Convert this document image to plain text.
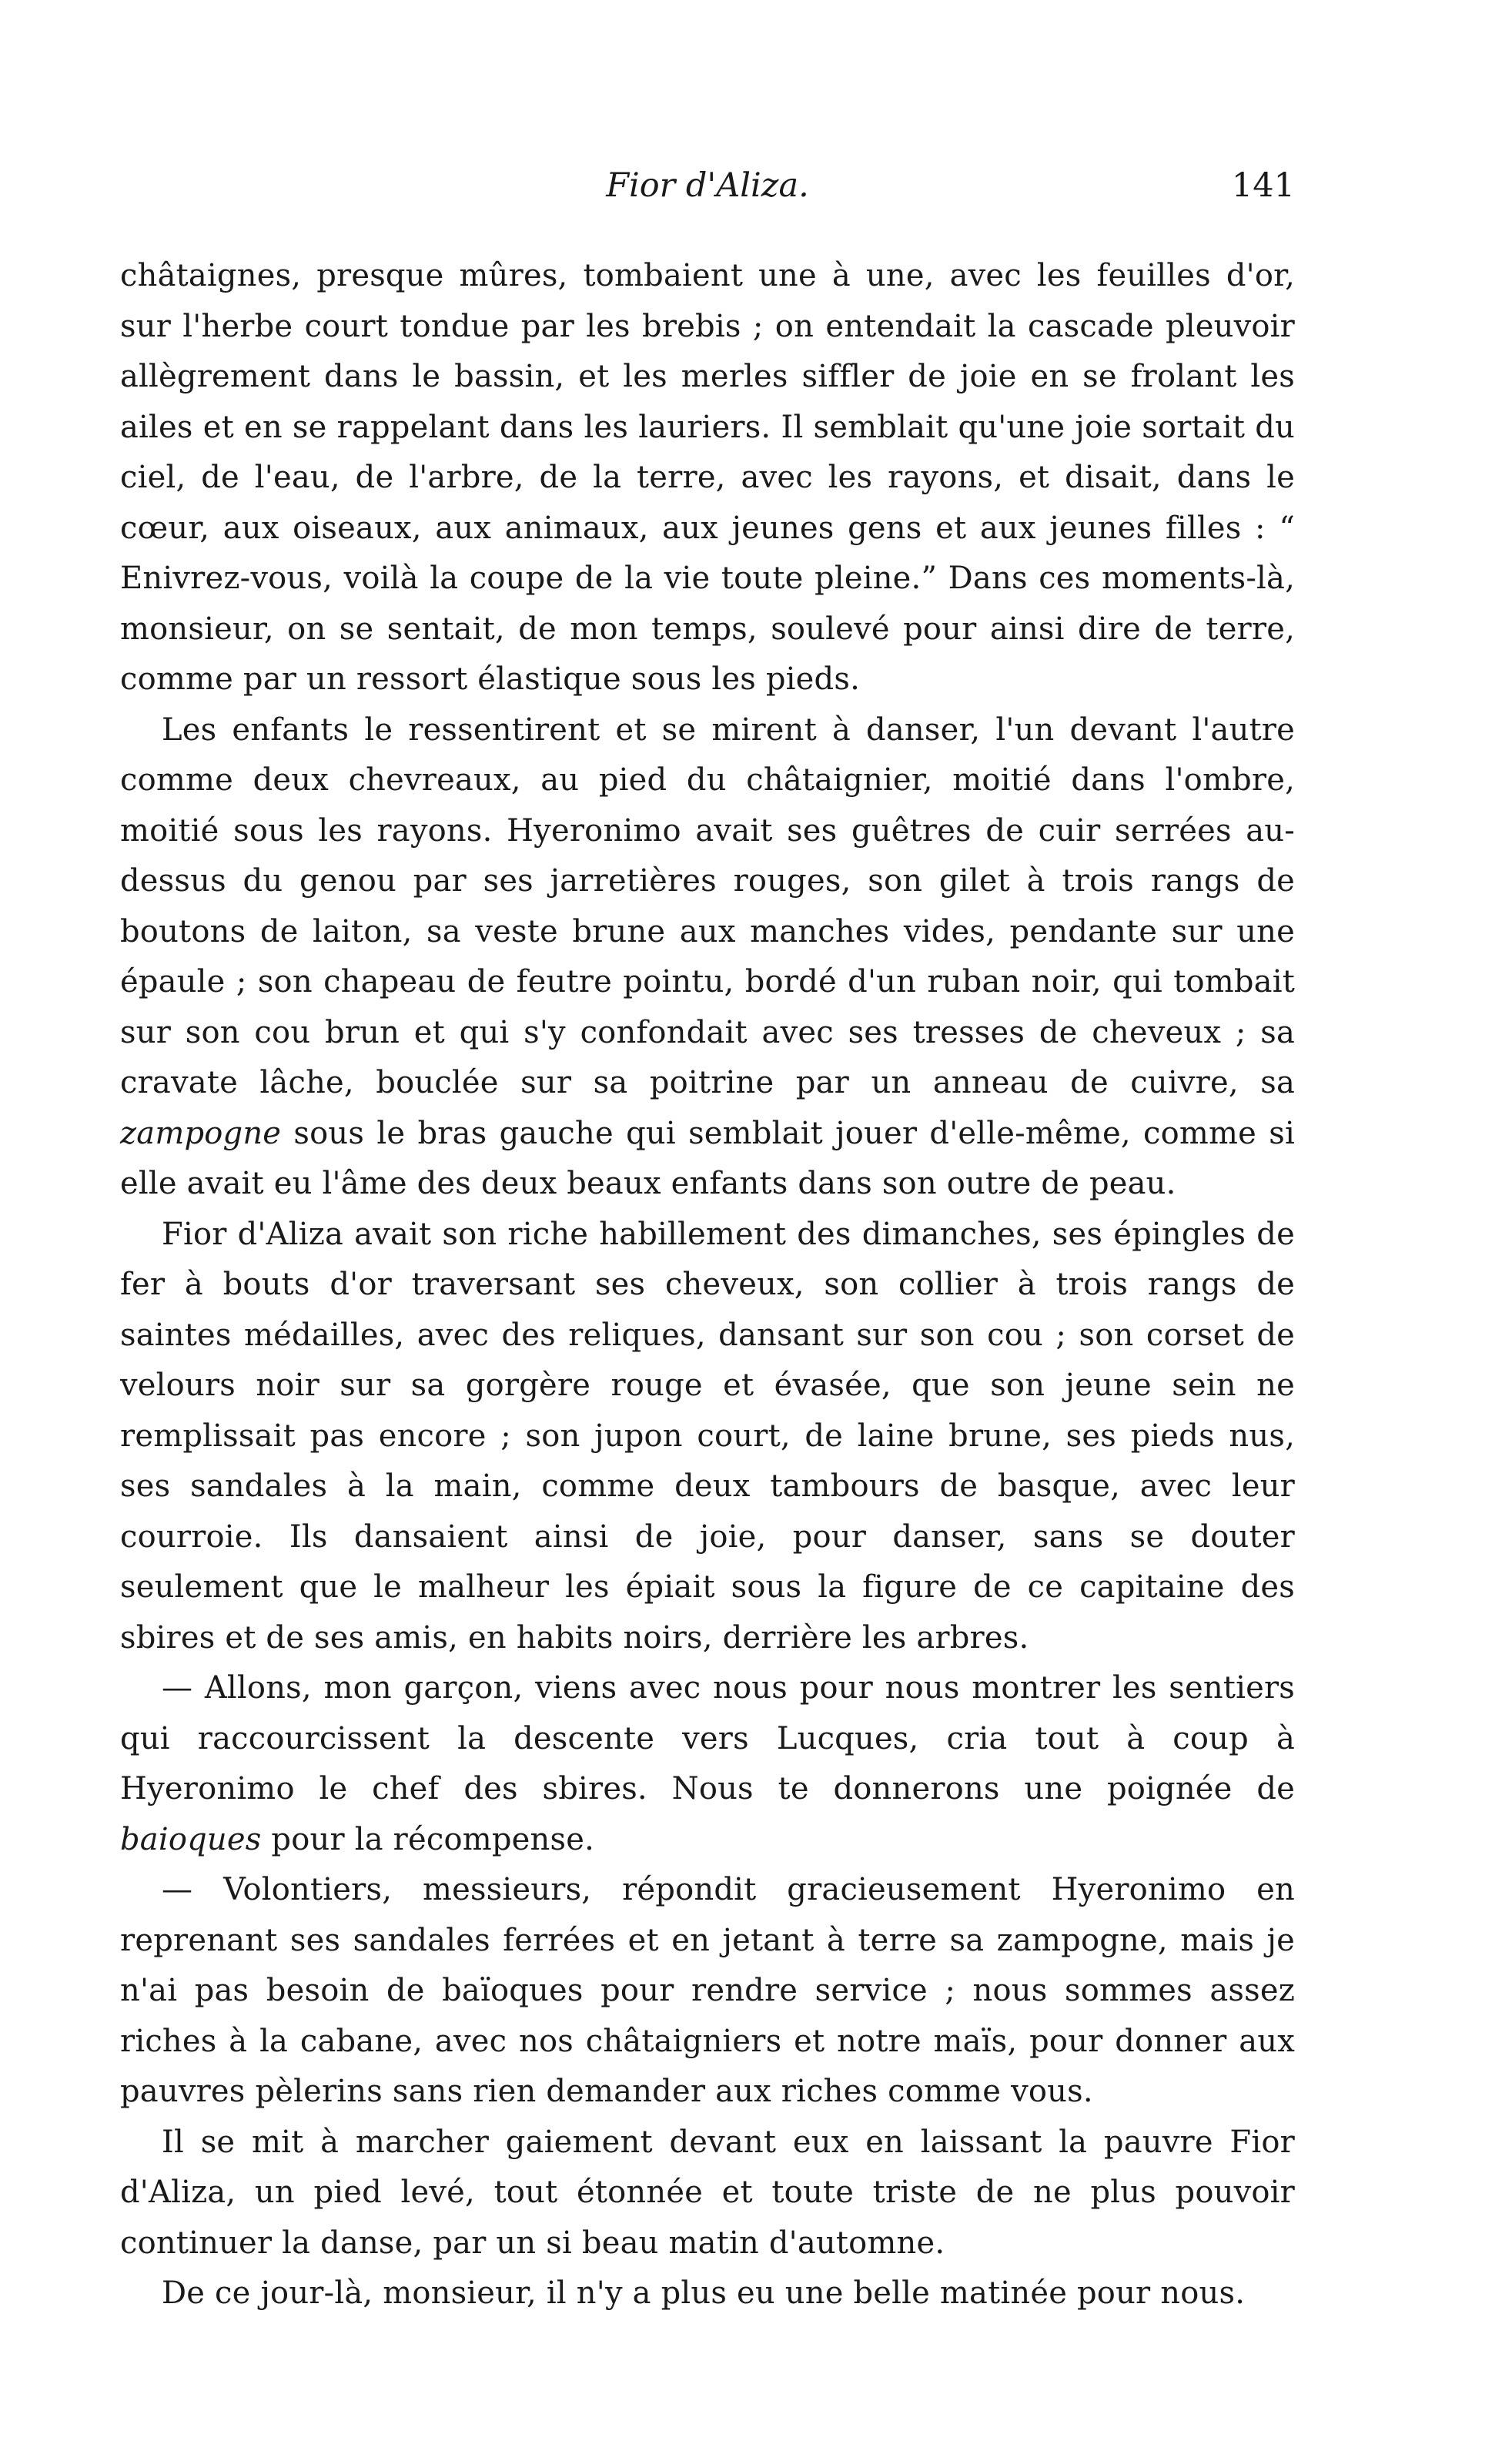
Fior d'Aliza.	141

châtaignes, presque mûres, tombaient une à une, avec les feuilles d'or, sur l'herbe court tondue par les brebis ; on entendait la cascade pleuvoir allègrement dans le bassin, et les merles siffler de joie en se frolant les ailes et en se rappelant dans les lauriers. Il semblait qu'une joie sortait du ciel, de l'eau, de l'arbre, de la terre, avec les rayons, et disait, dans le cœur, aux oiseaux, aux animaux, aux jeunes gens et aux jeunes filles : “ Enivrez-vous, voilà la coupe de la vie toute pleine.” Dans ces moments-là, monsieur, on se sentait, de mon temps, soulevé pour ainsi dire de terre, comme par un ressort élastique sous les pieds.

Les enfants le ressentirent et se mirent à danser, l'un devant l'autre comme deux chevreaux, au pied du châtaignier, moitié dans l'ombre, moitié sous les rayons. Hyeronimo avait ses guêtres de cuir serrées au-dessus du genou par ses jarretières rouges, son gilet à trois rangs de boutons de laiton, sa veste brune aux manches vides, pendante sur une épaule ; son chapeau de feutre pointu, bordé d'un ruban noir, qui tombait sur son cou brun et qui s'y confondait avec ses tresses de cheveux ; sa cravate lâche, bouclée sur sa poitrine par un anneau de cuivre, sa zampogne sous le bras gauche qui semblait jouer d'elle-même, comme si elle avait eu l'âme des deux beaux enfants dans son outre de peau.

Fior d'Aliza avait son riche habillement des dimanches, ses épingles de fer à bouts d'or traversant ses cheveux, son collier à trois rangs de saintes médailles, avec des reliques, dansant sur son cou ; son corset de velours noir sur sa gorgère rouge et évasée, que son jeune sein ne remplissait pas encore ; son jupon court, de laine brune, ses pieds nus, ses sandales à la main, comme deux tambours de basque, avec leur courroie. Ils dansaient ainsi de joie, pour danser, sans se douter seulement que le malheur les épiait sous la figure de ce capitaine des sbires et de ses amis, en habits noirs, derrière les arbres.

— Allons, mon garçon, viens avec nous pour nous montrer les sentiers qui raccourcissent la descente vers Lucques, cria tout à coup à Hyeronimo le chef des sbires. Nous te donnerons une poignée de baioques pour la récompense.

— Volontiers, messieurs, répondit gracieusement Hyeronimo en reprenant ses sandales ferrées et en jetant à terre sa zampogne, mais je n'ai pas besoin de baïoques pour rendre service ; nous sommes assez riches à la cabane, avec nos châtaigniers et notre maïs, pour donner aux pauvres pèlerins sans rien demander aux riches comme vous.

Il se mit à marcher gaiement devant eux en laissant la pauvre Fior d'Aliza, un pied levé, tout étonnée et toute triste de ne plus pouvoir continuer la danse, par un si beau matin d'automne.

De ce jour-là, monsieur, il n'y a plus eu une belle matinée pour nous.
